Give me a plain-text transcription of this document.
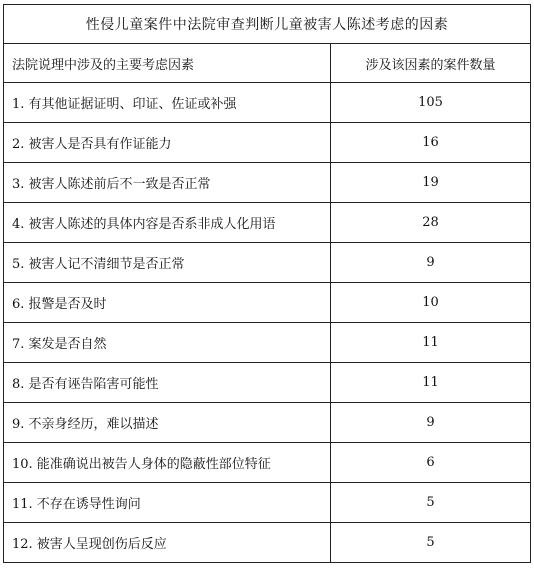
性侵儿童案件中法院审查判断儿童被害人陈述考虑的因素	
法院说理中涉及的主要考虑因素	涉及该因素的案件数量
1. 有其他证据证明、印证、佐证或补强	105
2. 被害人是否具有作证能力	16
3. 被害人陈述前后不一致是否正常	19
4. 被害人陈述的具体内容是否系非成人化用语	28
5. 被害人记不清细节是否正常	9
6. 报警是否及时	10
7. 案发是否自然	11
8. 是否有诬告陷害可能性	11
9. 不亲身经历，难以描述	9
10. 能准确说出被告人身体的隐蔽性部位特征	6
11. 不存在诱导性询问	5
12. 被害人呈现创伤后反应	5
